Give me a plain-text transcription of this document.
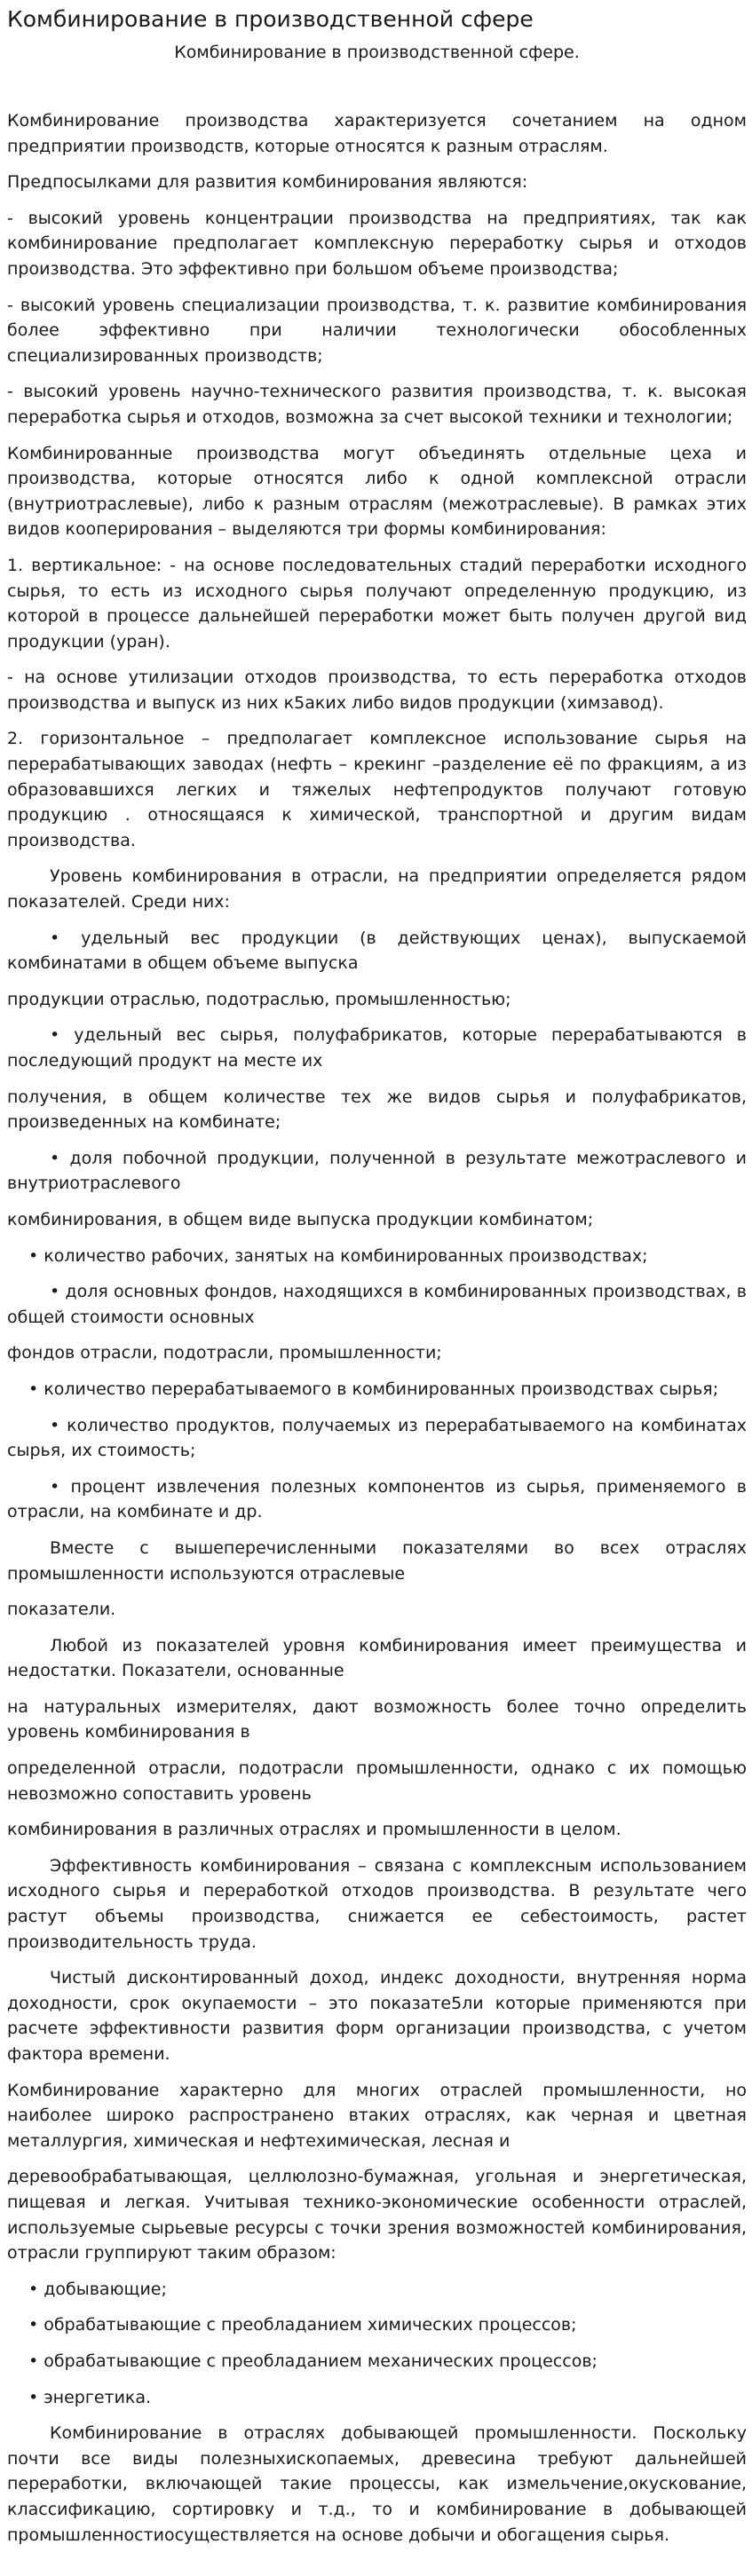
Комбинирование в производственной сфере
Комбинирование в производственной сфере.

Комбинирование производства характеризуется сочетанием на одном предприятии производств, которые относятся к разным отраслям.

Предпосылками для развития комбинирования являются:

- высокий уровень концентрации производства на предприятиях, так как комбинирование предполагает комплексную переработку сырья и отходов производства. Это эффективно при большом объеме производства;

- высокий уровень специализации производства, т. к. развитие комбинирования более эффективно при наличии технологически обособленных специализированных производств;

- высокий уровень научно-технического развития производства, т. к. высокая переработка сырья и отходов, возможна за счет высокой техники и технологии;

Комбинированные производства могут объединять отдельные цеха и производства, которые относятся либо к одной комплексной отрасли (внутриотраслевые), либо к разным отраслям (межотраслевые). В рамках этих видов кооперирования – выделяются три формы комбинирования:

1. вертикальное: - на основе последовательных стадий переработки исходного сырья, то есть из исходного сырья получают определенную продукцию, из которой в процессе дальнейшей переработки может быть получен другой вид продукции (уран).

- на основе утилизации отходов производства, то есть переработка отходов производства и выпуск из них к5аких либо видов продукции (химзавод).

2. горизонтальное – предполагает комплексное использование сырья на перерабатывающих заводах (нефть – крекинг –разделение её по фракциям, а из образовавшихся легких и тяжелых нефтепродуктов получают готовую продукцию . относящаяся к химической, транспортной и другим видам производства.

Уровень комбинирования в отрасли, на предприятии определяется рядом показателей. Среди них:

• удельный вес продукции (в действующих ценах), выпускаемой комбинатами в общем объеме выпуска

продукции отраслью, подотраслью, промышленностью;

• удельный вес сырья, полуфабрикатов, которые перерабатываются в последующий продукт на месте их

получения, в общем количестве тех же видов сырья и полуфабрикатов, произведенных на комбинате;

• доля побочной продукции, полученной в результате межотраслевого и внутриотраслевого

комбинирования, в общем виде выпуска продукции комбинатом;

• количество рабочих, занятых на комбинированных производствах;

• доля основных фондов, находящихся в комбинированных производствах, в общей стоимости основных

фондов отрасли, подотрасли, промышленности;

• количество перерабатываемого в комбинированных производствах сырья;

• количество продуктов, получаемых из перерабатываемого на комбинатах сырья, их стоимость;

• процент извлечения полезных компонентов из сырья, применяемого в отрасли, на комбинате и др.

Вместе с вышеперечисленными показателями во всех отраслях промышленности используются отраслевые

показатели.

Любой из показателей уровня комбинирования имеет преимущества и недостатки. Показатели, основанные

на натуральных измерителях, дают возможность более точно определить уровень комбинирования в

определенной отрасли, подотрасли промышленности, однако с их помощью невозможно сопоставить уровень

комбинирования в различных отраслях и промышленности в целом.

Эффективность комбинирования – связана с комплексным использованием исходного сырья и переработкой отходов производства. В результате чего растут объемы производства, снижается ее себестоимость, растет производительность труда.

Чистый дисконтированный доход, индекс доходности, внутренняя норма доходности, срок окупаемости – это показате5ли которые применяются при расчете эффективности развития форм организации производства, с учетом фактора времени.

Комбинирование характерно для многих отраслей промышленности, но наиболее широко распространено втаких отраслях, как черная и цветная металлургия, химическая и нефтехимическая, лесная и

деревообрабатывающая, целлюлозно-бумажная, угольная и энергетическая, пищевая и легкая. Учитывая технико-экономические особенности отраслей, используемые сырьевые ресурсы с точки зрения возможностей комбинирования, отрасли группируют таким образом:

• добывающие;

• обрабатывающие с преобладанием химических процессов;

• обрабатывающие с преобладанием механических процессов;

• энергетика.

Комбинирование в отраслях добывающей промышленности. Поскольку почти все виды полезныхископаемых, древесина требуют дальнейшей переработки, включающей такие процессы, как измельчение,окускование, классификацию, сортировку и т.д., то и комбинирование в добывающей промышленностиосуществляется на основе добычи и обогащения сырья.
